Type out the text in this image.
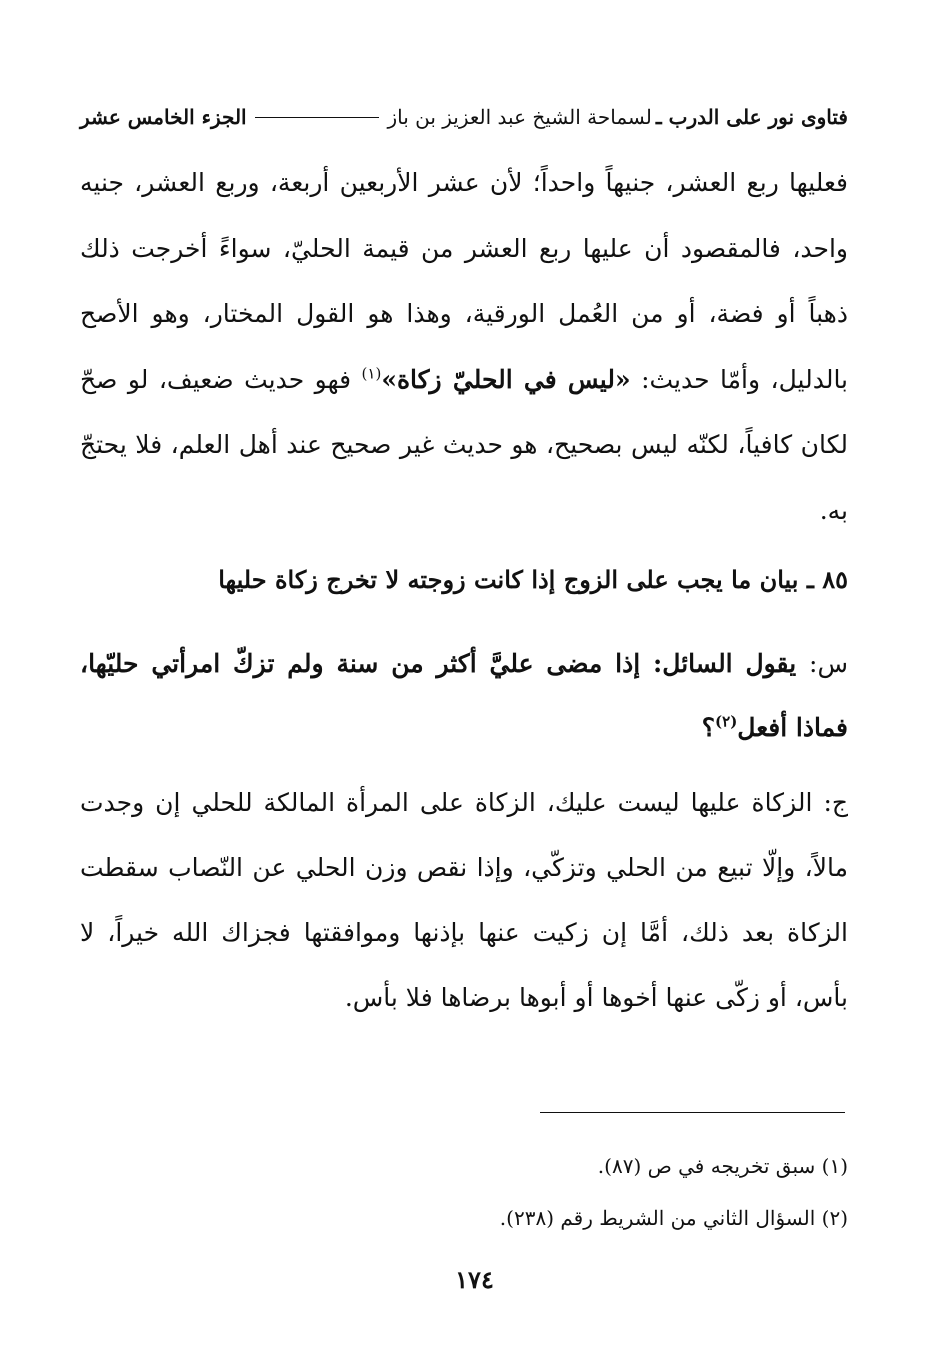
فتاوى نور على الدرب ـ
لسماحة الشيخ عبد العزيز بن باز
الجزء الخامس عشر

فعليها ربع العشر، جنيهاً واحداً؛ لأن عشر الأربعين أربعة، وربع العشر، جنيه واحد، فالمقصود أن عليها ربع العشر من قيمة الحليّ، سواءً أخرجت ذلك ذهباً أو فضة، أو من العُمل الورقية، وهذا هو القول المختار، وهو الأصح بالدليل، وأمّا حديث: «ليس في الحليّ زكاة»$^{(١)}$ فهو حديث ضعيف، لو صحّ لكان كافياً، لكنّه ليس بصحيح، هو حديث غير صحيح عند أهل العلم، فلا يحتجّ به.

٨٥ ـ بيان ما يجب على الزوج إذا كانت زوجته لا تخرج زكاة حليها
س: يقول السائل: إذا مضى عليَّ أكثر من سنة ولم تزكّ امرأتي حليّها، فماذا أفعل$^{(٢)}$؟
ج: الزكاة عليها ليست عليك، الزكاة على المرأة المالكة للحلي إن وجدت مالاً، وإلّا تبيع من الحلي وتزكّي، وإذا نقص وزن الحلي عن النّصاب سقطت الزكاة بعد ذلك، أمَّا إن زكيت عنها بإذنها وموافقتها فجزاك الله خيراً، لا بأس، أو زكّى عنها أخوها أو أبوها برضاها فلا بأس.
(١) سبق تخريجه في ص (٨٧).
(٢) السؤال الثاني من الشريط رقم (٢٣٨).
١٧٤
